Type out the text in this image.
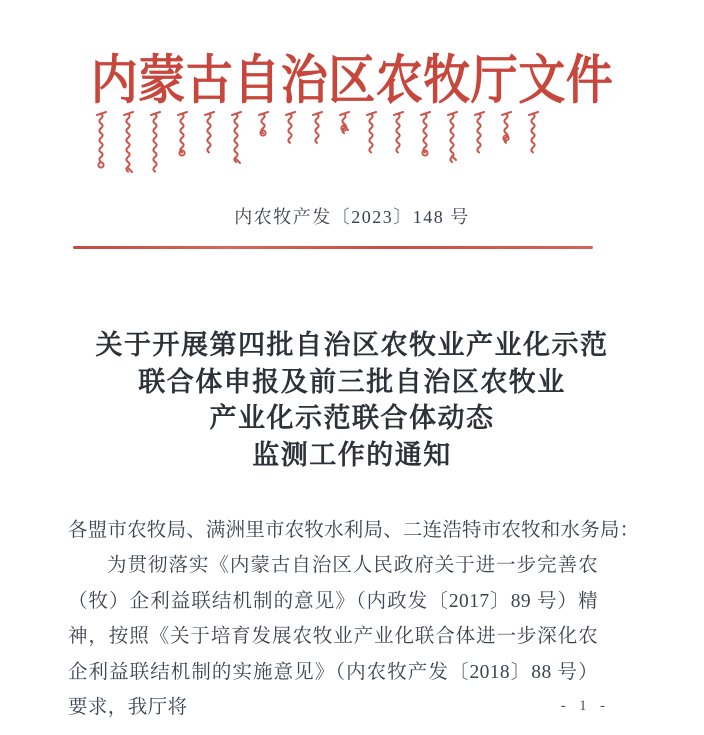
内蒙古自治区农牧厅文件
内农牧产发〔2023〕148 号
关于开展第四批自治区农牧业产业化示范
联合体申报及前三批自治区农牧业
产业化示范联合体动态
监测工作的通知
各盟市农牧局、满洲里市农牧水利局、二连浩特市农牧和水务局：
为贯彻落实《内蒙古自治区人民政府关于进一步完善农（牧）企利益联结机制的意见》（内政发〔2017〕89 号）精神，按照《关于培育发展农牧业产业化联合体进一步深化农企利益联结机制的实施意见》（内农牧产发〔2018〕88 号）要求，我厅将	- 1 -
